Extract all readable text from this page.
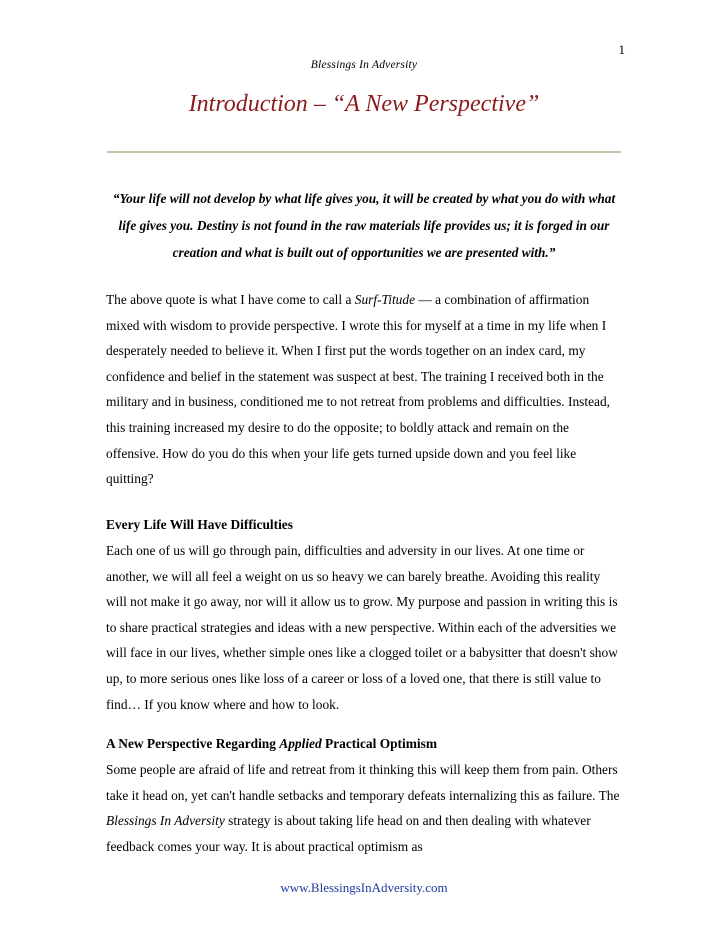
1
Blessings In Adversity
Introduction – “A New Perspective”

“Your life will not develop by what life gives you, it will be created by what you do with what life gives you. Destiny is not found in the raw materials life provides us; it is forged in our creation and what is built out of opportunities we are presented with.”

The above quote is what I have come to call a Surf-Titude — a combination of affirmation mixed with wisdom to provide perspective. I wrote this for myself at a time in my life when I desperately needed to believe it. When I first put the words together on an index card, my confidence and belief in the statement was suspect at best. The training I received both in the military and in business, conditioned me to not retreat from problems and difficulties. Instead, this training increased my desire to do the opposite; to boldly attack and remain on the offensive. How do you do this when your life gets turned upside down and you feel like quitting?

Every Life Will Have Difficulties

Each one of us will go through pain, difficulties and adversity in our lives. At one time or another, we will all feel a weight on us so heavy we can barely breathe. Avoiding this reality will not make it go away, nor will it allow us to grow. My purpose and passion in writing this is to share practical strategies and ideas with a new perspective. Within each of the adversities we will face in our lives, whether simple ones like a clogged toilet or a babysitter that doesn't show up, to more serious ones like loss of a career or loss of a loved one, that there is still value to find… If you know where and how to look.

A New Perspective Regarding Applied Practical Optimism

Some people are afraid of life and retreat from it thinking this will keep them from pain. Others take it head on, yet can't handle setbacks and temporary defeats internalizing this as failure. The Blessings In Adversity strategy is about taking life head on and then dealing with whatever feedback comes your way. It is about practical optimism as

www.BlessingsInAdversity.com
